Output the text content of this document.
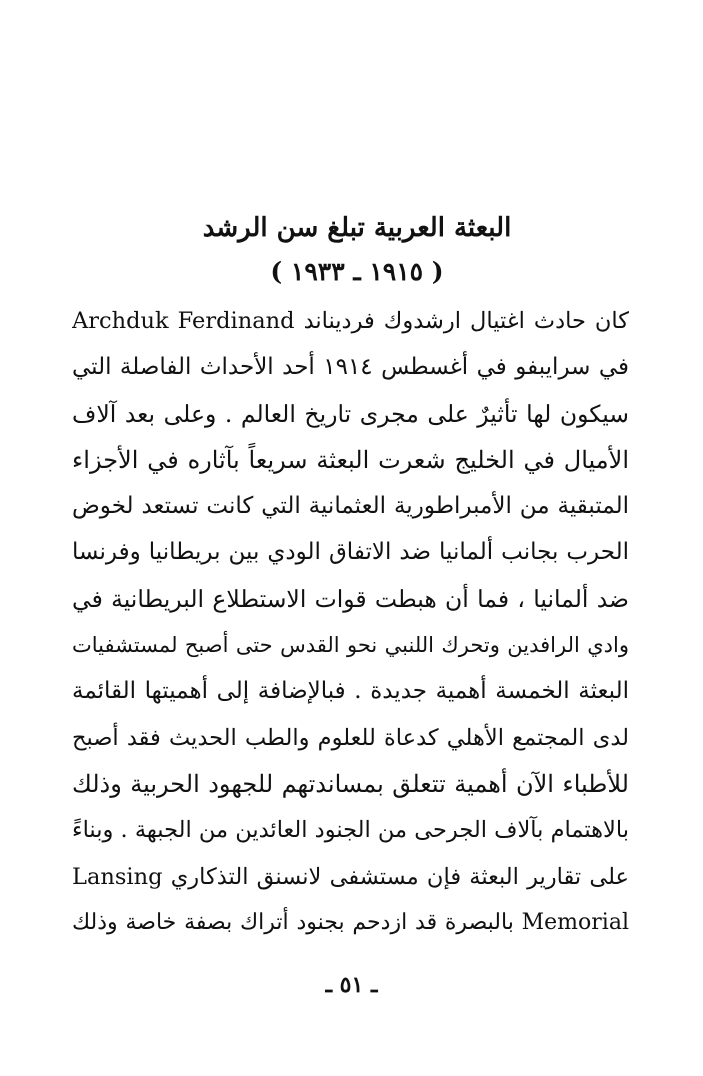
البعثة العربية تبلغ سن الرشد
( ١٩١٥ ـ ١٩٣٣ )
كان حادث اغتيال ارشدوك فرديناند Archduk Ferdinand
في سرايبفو في أغسطس ١٩١٤ أحد الأحداث الفاصلة التي
سيكون لها تأثيرٌ على مجرى تاريخ العالم . وعلى بعد آلاف
الأميال في الخليج شعرت البعثة سريعاً بآثاره في الأجزاء
المتبقية من الأمبراطورية العثمانية التي كانت تستعد لخوض
الحرب بجانب ألمانيا ضد الاتفاق الودي بين بريطانيا وفرنسا
ضد ألمانيا ، فما أن هبطت قوات الاستطلاع البريطانية في
وادي الرافدين وتحرك اللنبي نحو القدس حتى أصبح لمستشفيات
البعثة الخمسة أهمية جديدة . فبالإضافة إلى أهميتها القائمة
لدى المجتمع الأهلي كدعاة للعلوم والطب الحديث فقد أصبح
للأطباء الآن أهمية تتعلق بمساندتهم للجهود الحربية وذلك
بالاهتمام بآلاف الجرحى من الجنود العائدين من الجبهة . وبناءً
على تقارير البعثة فإن مستشفى لانسنق التذكاري Lansing
Memorial بالبصرة قد ازدحم بجنود أتراك بصفة خاصة وذلك
ـ ٥١ ـ
